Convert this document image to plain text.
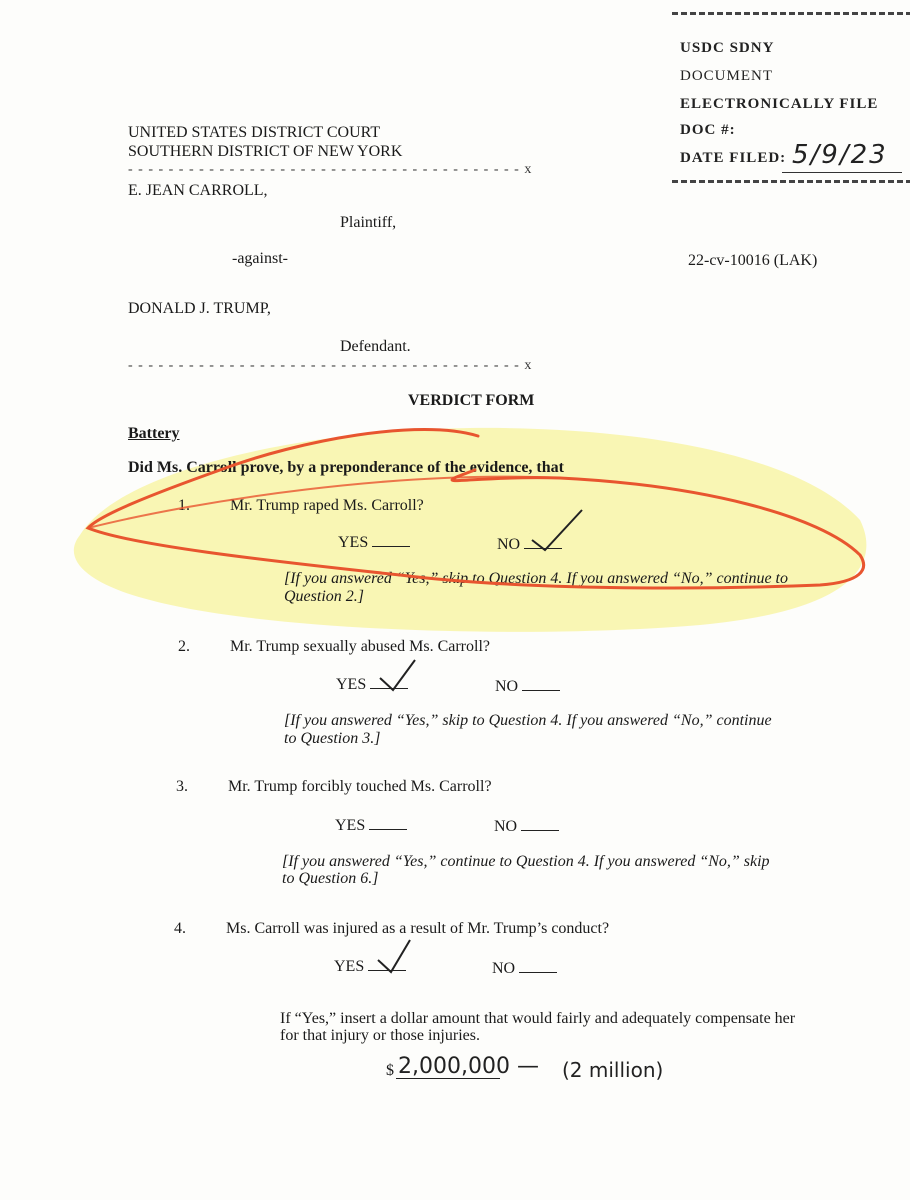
USDC SDNY
DOCUMENT
ELECTRONICALLY FILE
DOC #:
DATE FILED: 5/9/23
UNITED STATES DISTRICT COURT
SOUTHERN DISTRICT OF NEW YORK
- - - - - - - - - - - - - - - - - - - - - - - - - - - - - - - - - - - - - - - x
E. JEAN CARROLL,
Plaintiff,
-against-	22-cv-10016 (LAK)
DONALD J. TRUMP,
Defendant.
- - - - - - - - - - - - - - - - - - - - - - - - - - - - - - - - - - - - - - - x
VERDICT FORM
Battery
Did Ms. Carroll prove, by a preponderance of the evidence, that
1.	Mr. Trump raped Ms. Carroll?
YES	NO
[If you answered “Yes,” skip to Question 4. If you answered “No,” continue to
Question 2.]
2.	Mr. Trump sexually abused Ms. Carroll?
YES	NO
[If you answered “Yes,” skip to Question 4. If you answered “No,” continue
to Question 3.]
3.	Mr. Trump forcibly touched Ms. Carroll?
YES	NO
[If you answered “Yes,” continue to Question 4. If you answered “No,” skip
to Question 6.]
4.	Ms. Carroll was injured as a result of Mr. Trump’s conduct?
YES	NO
If “Yes,” insert a dollar amount that would fairly and adequately compensate her
for that injury or those injuries.
$ 2,000,000 — (2 million)
